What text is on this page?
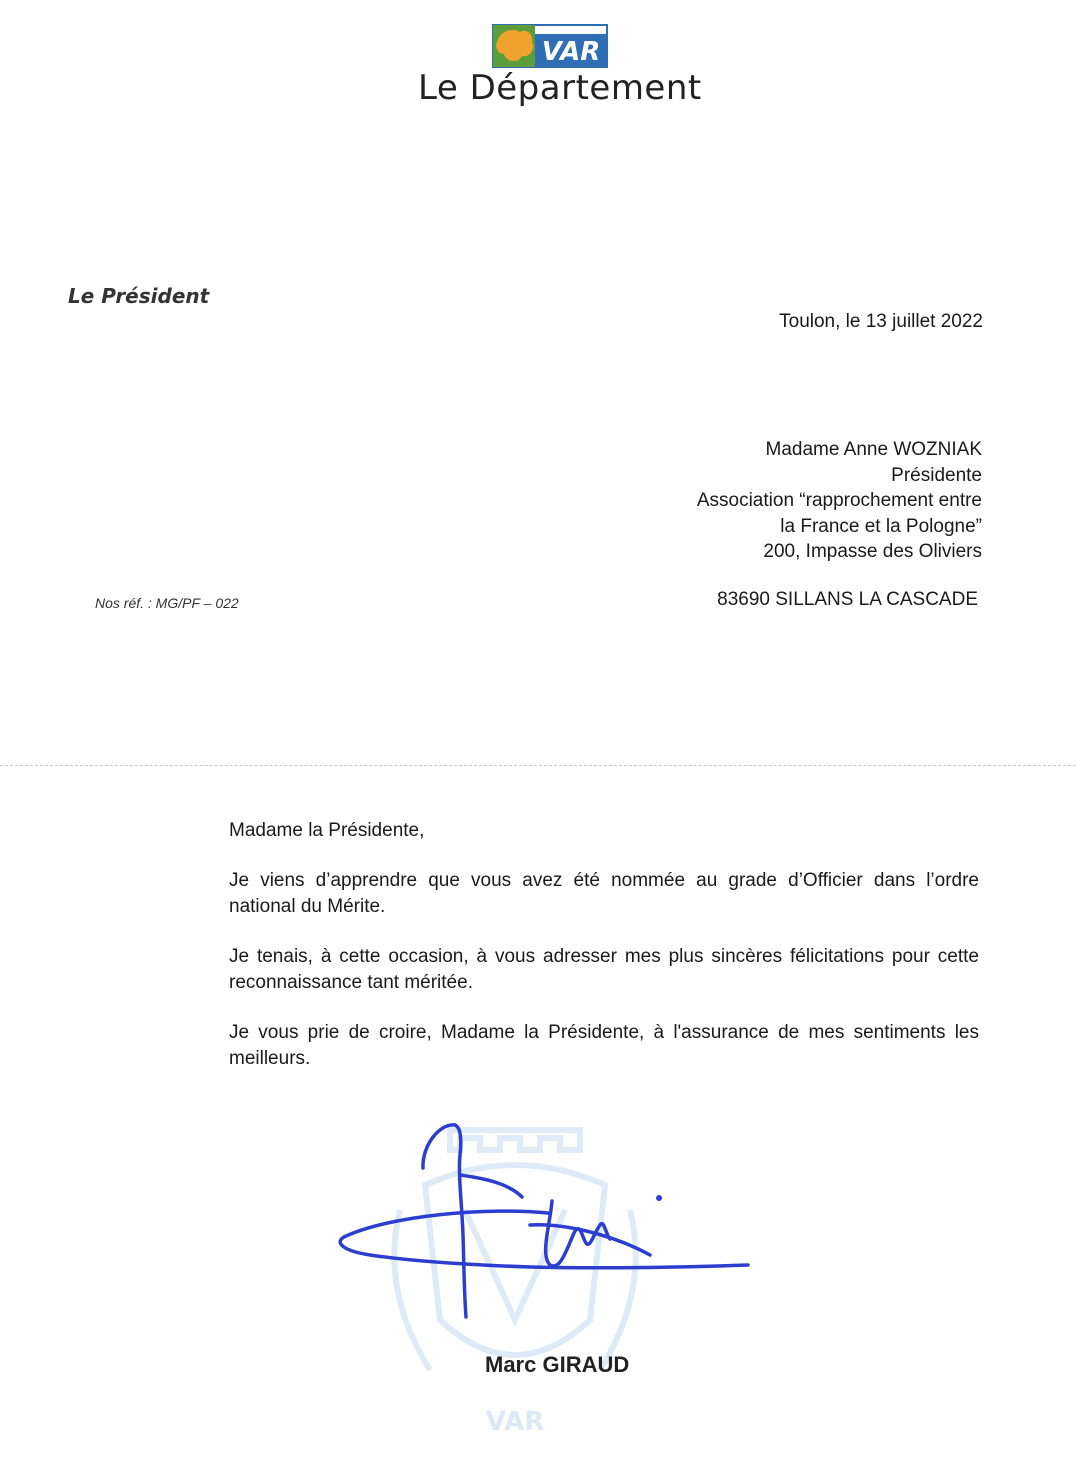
VAR
Le Département
Le Président
Toulon, le 13 juillet 2022
Madame Anne WOZNIAK
Présidente
Association “rapprochement entre
la France et la Pologne”
200, Impasse des Oliviers
Nos réf. : MG/PF – 022	83690 SILLANS LA CASCADE

Madame la Présidente,

Je viens d’apprendre que vous avez été nommée au grade d’Officier dans l’ordre national du Mérite.

Je tenais, à cette occasion, à vous adresser mes plus sincères félicitations pour cette reconnaissance tant méritée.

Je vous prie de croire, Madame la Présidente, à l'assurance de mes sentiments les meilleurs.

VAR
Marc GIRAUD
